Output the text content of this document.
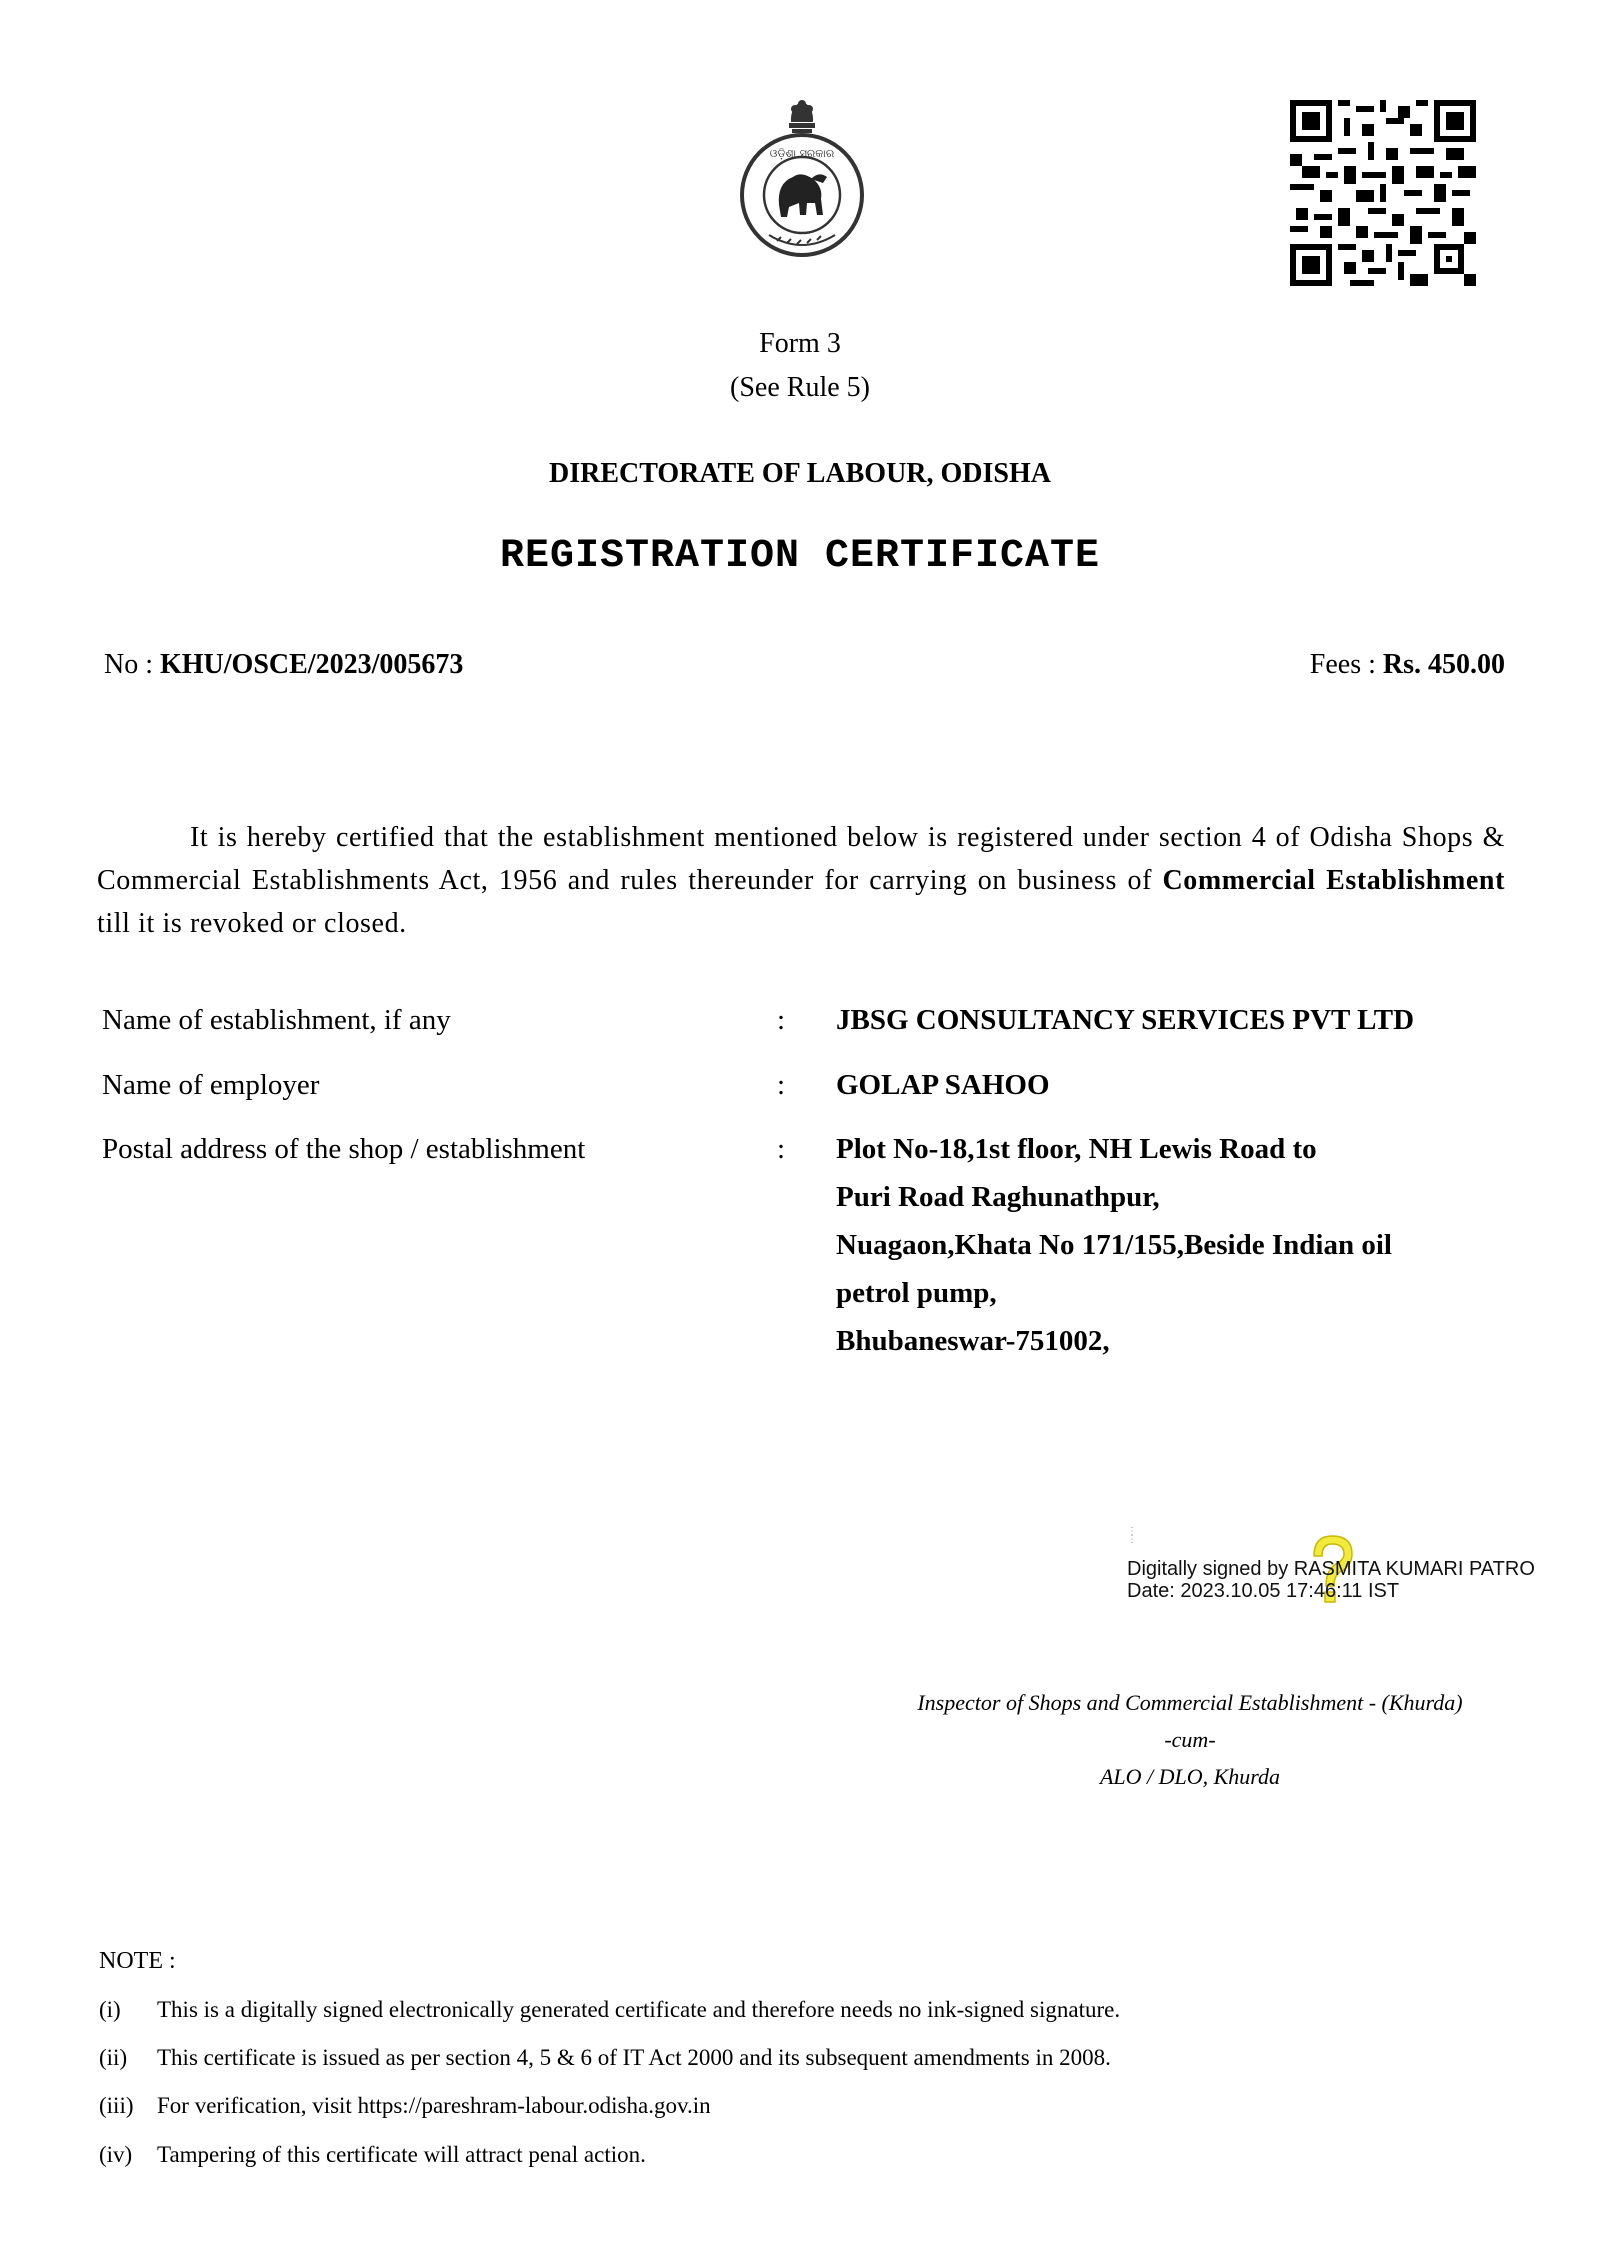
ଓଡ଼ିଶା ସରକାର
Form 3
(See Rule 5)
DIRECTORATE OF LABOUR, ODISHA
REGISTRATION CERTIFICATE
No : KHU/OSCE/2023/005673	Fees : Rs. 450.00
It is hereby certified that the establishment mentioned below is registered under section 4 of Odisha Shops & Commercial Establishments Act, 1956 and rules thereunder for carrying on business of Commercial Establishment till it is revoked or closed.
Name of establishment, if any	: JBSG CONSULTANCY SERVICES PVT LTD
Name of employer	: GOLAP SAHOO
Postal address of the shop / establishment	: Plot No-18,1st floor, NH Lewis Road to
Puri Road Raghunathpur,
Nuagaon,Khata No 171/155,Beside Indian oil
petrol pump,
Bhubaneswar-751002,
⋮
⋮
Digitally signed by RASMITA KUMARI PATRO
Date: 2023.10.05 17:46:11 IST
Inspector of Shops and Commercial Establishment - (Khurda)
-cum-
ALO / DLO, Khurda
NOTE :
(i) This is a digitally signed electronically generated certificate and therefore needs no ink-signed signature.
(ii) This certificate is issued as per section 4, 5 & 6 of IT Act 2000 and its subsequent amendments in 2008.
(iii) For verification, visit https://pareshram-labour.odisha.gov.in
(iv) Tampering of this certificate will attract penal action.
